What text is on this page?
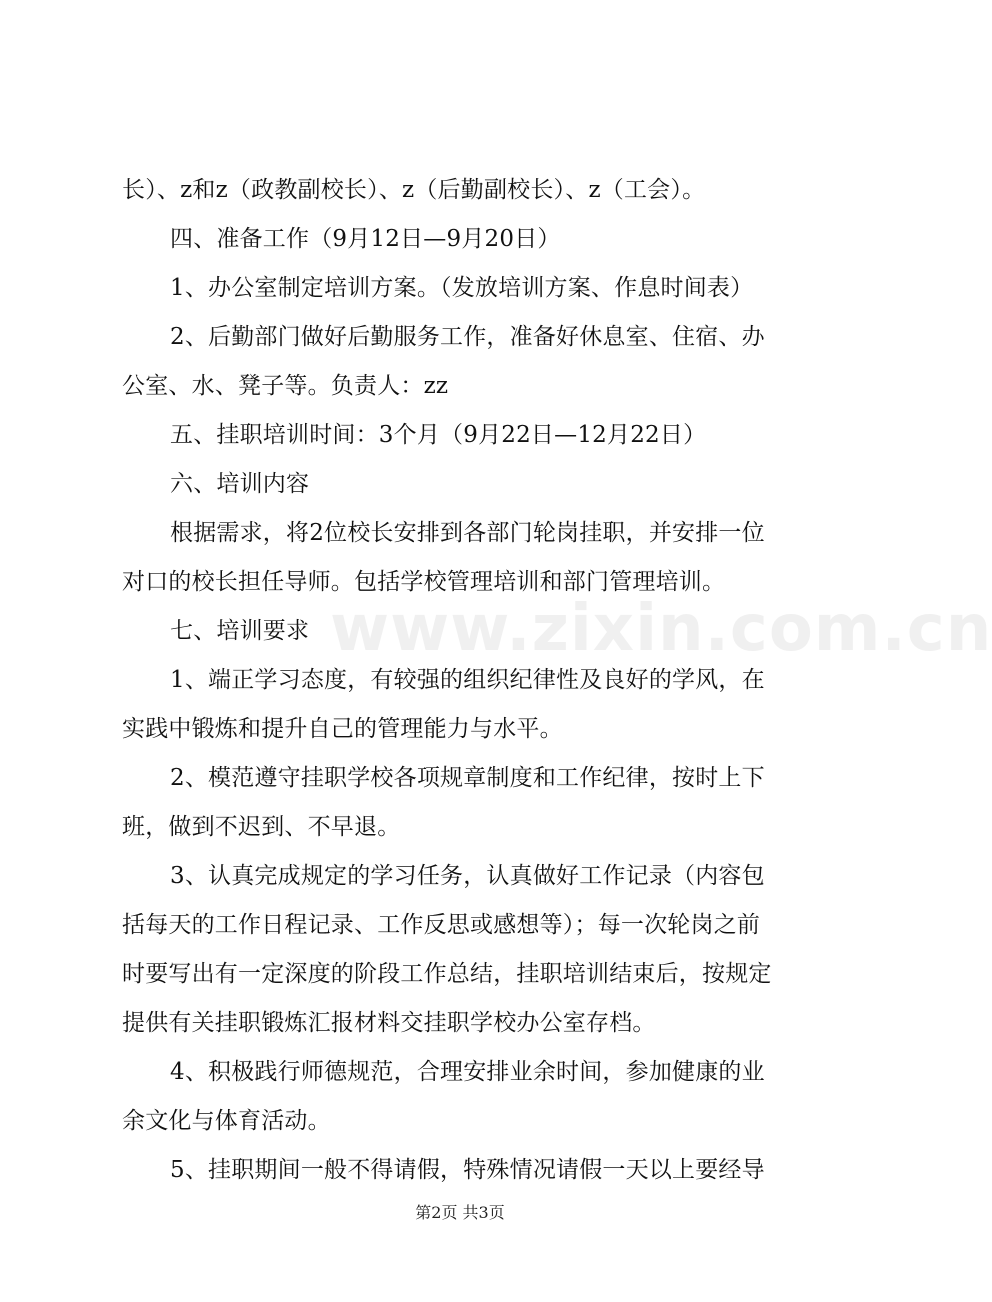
长）、z和z（政教副校长）、z（后勤副校长）、z（工会）。
四、准备工作（9月12日—9月20日）
1、办公室制定培训方案。（发放培训方案、作息时间表）
2、后勤部门做好后勤服务工作，准备好休息室、住宿、办
公室、水、凳子等。负责人：zz
五、挂职培训时间：3个月（9月22日—12月22日）
六、培训内容
根据需求，将2位校长安排到各部门轮岗挂职，并安排一位
对口的校长担任导师。包括学校管理培训和部门管理培训。
七、培训要求
1、端正学习态度，有较强的组织纪律性及良好的学风，在
实践中锻炼和提升自己的管理能力与水平。
2、模范遵守挂职学校各项规章制度和工作纪律，按时上下
班，做到不迟到、不早退。
3、认真完成规定的学习任务，认真做好工作记录（内容包
括每天的工作日程记录、工作反思或感想等）；每一次轮岗之前
时要写出有一定深度的阶段工作总结，挂职培训结束后，按规定
提供有关挂职锻炼汇报材料交挂职学校办公室存档。
4、积极践行师德规范，合理安排业余时间，参加健康的业
余文化与体育活动。
5、挂职期间一般不得请假，特殊情况请假一天以上要经导
www.zixin.com.cn
第2页 共3页
